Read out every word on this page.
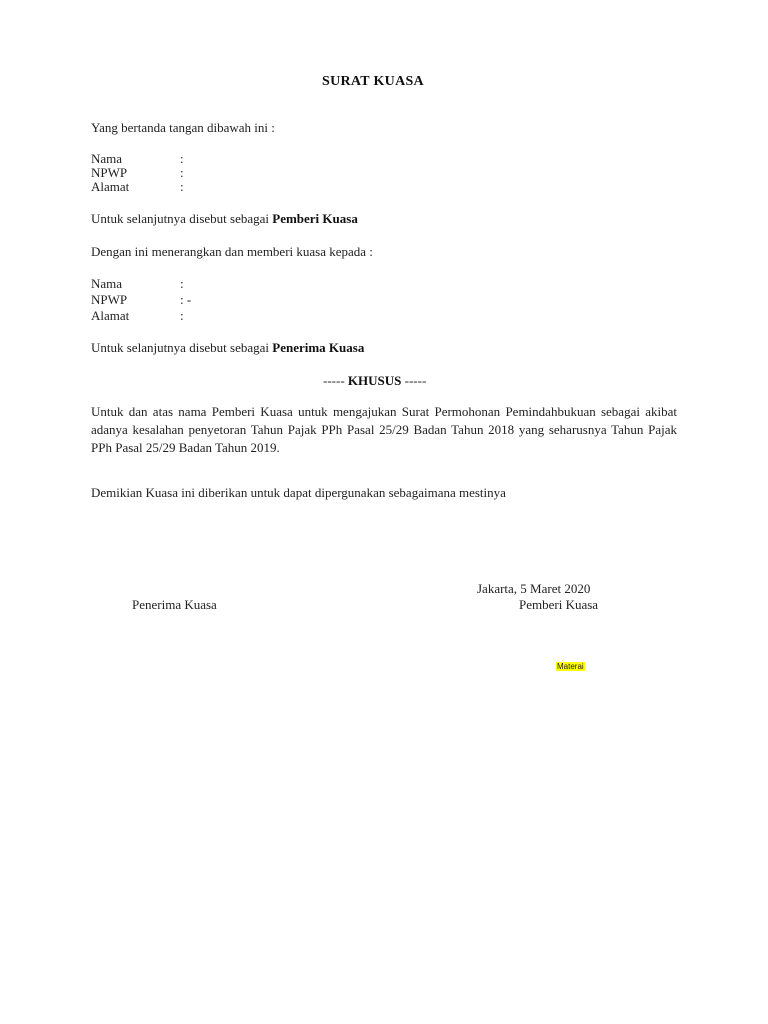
SURAT KUASA
Yang bertanda tangan dibawah ini :
Nama	:
NPWP	:
Alamat	:
Untuk selanjutnya disebut sebagai Pemberi Kuasa
Dengan ini menerangkan dan memberi kuasa kepada :
Nama	:
NPWP	: -
Alamat	:
Untuk selanjutnya disebut sebagai Penerima Kuasa
----- KHUSUS -----
Untuk dan atas nama Pemberi Kuasa untuk mengajukan Surat Permohonan Pemindahbukuan sebagai akibat adanya kesalahan penyetoran Tahun Pajak PPh Pasal 25/29 Badan Tahun 2018 yang seharusnya Tahun Pajak PPh Pasal 25/29 Badan Tahun 2019.
Demikian Kuasa ini diberikan untuk dapat dipergunakan sebagaimana mestinya
Jakarta, 5 Maret 2020
Penerima Kuasa	Pemberi Kuasa
Materai
